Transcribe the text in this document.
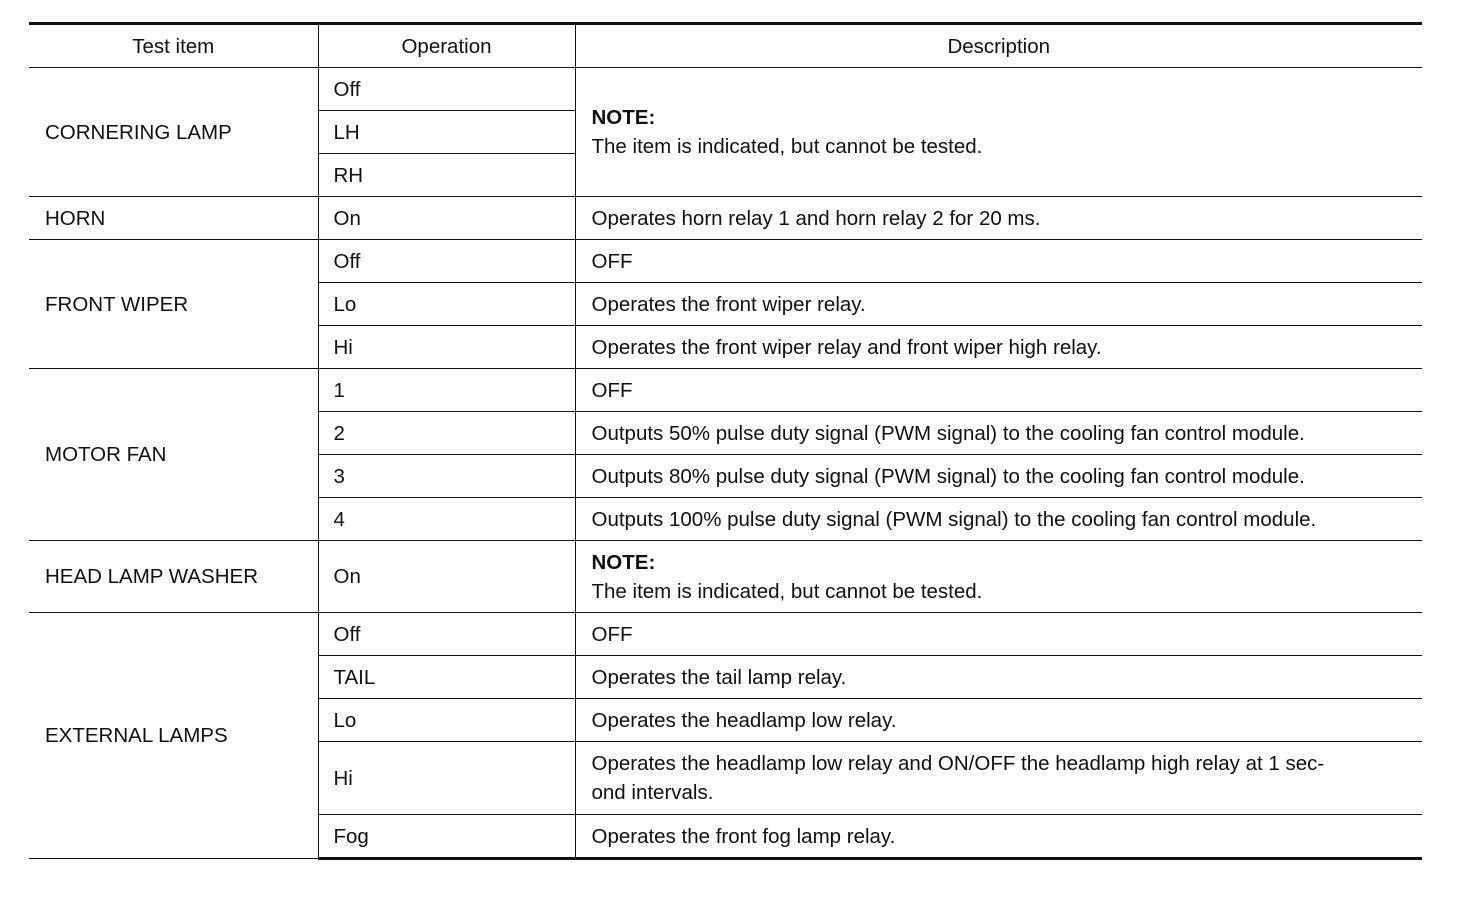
Test item	Operation	Description
CORNERING LAMP	Off	NOTE:
The item is indicated, but cannot be tested.

	LH	
	RH	
HORN	On	Operates horn relay 1 and horn relay 2 for 20 ms.
FRONT WIPER	Off	OFF
	Lo	Operates the front wiper relay.
	Hi	Operates the front wiper relay and front wiper high relay.
MOTOR FAN	1	OFF
	2	Outputs 50% pulse duty signal (PWM signal) to the cooling fan control module.
	3	Outputs 80% pulse duty signal (PWM signal) to the cooling fan control module.
	4	Outputs 100% pulse duty signal (PWM signal) to the cooling fan control module.
HEAD LAMP WASHER	On	NOTE:
The item is indicated, but cannot be tested.

EXTERNAL LAMPS	Off	OFF
	TAIL	Operates the tail lamp relay.
	Lo	Operates the headlamp low relay.
	Hi	Operates the headlamp low relay and ON/OFF the headlamp high relay at 1 sec-
ond intervals.

	Fog	Operates the front fog lamp relay.
